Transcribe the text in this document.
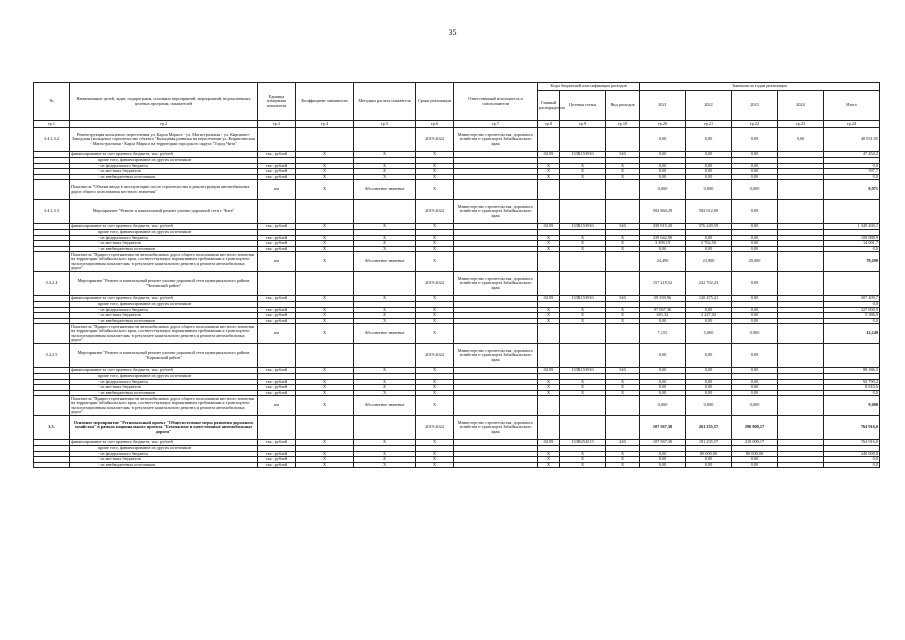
35
№	Наименование целей, задач, подпрограмм, основных мероприятий, мероприятий, ведомственных целевых программ, показателей	Единица измерения показателя	Коэффициент значимости	Методика расчета показателя	Сроки реализации	Ответственный исполнитель и соисполнители	Коды бюджетной классификации расходов			Значения по годам реализации				
							Главный распорядитель	Целевая статья	Вид расходов	2021	2022	2023	2024	Итого
гр.1	гр.2	гр.3	гр.4	гр.5	гр.6	гр.7	гр.8	гр.9	гр.10	гр.20	гр.21	гр.22	гр.23	гр.24
3.4.2.3.2	Реконструкция кольцевого пересечения ул. Карла Маркса - ул. Магистральная - ул. Кирпично-Заводская (кольцевое строительство объекта "Кольцевая развязка на пересечении ул. Кирпичноская - Магистральная - Карла Маркса на территории городского округа "Город Чита"				2019-2024	Министерство строительства, дорожного хозяйства и транспорта Забайкальского края				0,00	0,00	0,00	0,00	48 031,95
	финансирование за счет краевого бюджета, тыс. рублей	тыс. рублей	Х	Х	Х		04 09	133R153930	540	0,00	0,00	0,00		47 454,2
	кроме того, финансирование из других источников													
	- из федерального бюджета	тыс. рублей	Х	Х	Х		Х	Х	Х	0,00	0,00	0,00		0,0
	- из местных бюджетов	тыс. рублей	Х	Х	Х		Х	Х	Х	0,00	0,00	0,00		597,7
	- из внебюджетных источников	тыс. рублей	Х	Х	Х		Х	Х	Х	0,00	0,00	0,00		0,0
	Показатель "Объема ввода в эксплуатацию после строительства и реконструкции автомобильных дорог общего пользования местного значения"	км	Х	Абсолютное значение	Х					0,000	0,000	0,000		0,971
3.4.2.3.3	Мероприятие "Ремонт и капитальный ремонт улично-дорожной сети г. Чита"				2019-2024	Министерство строительства, дорожного хозяйства и транспорта Забайкальского края				582 860,29	582 012,09	0,00		
	финансирование за счет краевого бюджета, тыс. рублей	тыс. рублей	Х	Х	Х		04 09	133R153930	540	339 819,20	576 249,59	0,00		1 349 400,1
	кроме того, финансирование из других источников													
	- из федерального бюджета	тыс. рублей	Х	Х	Х		Х	Х	Х	239 642,90	0,00	0,00		108 888,9
	- из местных бюджетов	тыс. рублей	Х	Х	Х		Х	Х	Х	3 398,19	5 762,50	0,00		14 001,7
	- из внебюджетных источников	тыс. рублей	Х	Х	Х		Х	Х	Х	0,00	0,00	0,00		0,0
	Показатель "Прирост протяженности автомобильных дорог общего пользования местного значения на территории Забайкальского края, соответствующих нормативным требованиям к транспортно-эксплуатационным показателям, в результате капитального ремонта и ремонта автомобильных дорог"	км	Х	Абсолютное значение	Х					24,490	23,900	20,000		78,490
3.4.2.4	Мероприятие "Ремонт и капитальный ремонт улично-дорожной сети муниципального района "Читинский район"				2019-2024	Министерство строительства, дорожного хозяйства и транспорта Забайкальского края				157 219,52	232 702,23	0,00		
	финансирование за счет краевого бюджета, тыс. рублей	тыс. рублей	Х	Х	Х		04 09	133R153930	540	59 359,96	120 475,21	0,00		307 409,7
	кроме того, финансирование из других источников													0,0
	- из федерального бюджета	тыс. рублей	Х	Х	Х		Х	Х	Х	97 067,36	0,00	0,00		327 800,9
	- из местных бюджетов	тыс. рублей	Х	Х	Х		Х	Х	Х	601,32	2 227,02	0,00		5 386,9
	- из внебюджетных источников	тыс. рублей	Х	Х	Х		Х	Х	Х	0,00	0,00	0,00		0,0
	Показатель "Прирост протяженности автомобильных дорог общего пользования местного значения на территории Забайкальского края, соответствующих нормативным требованиям к транспортно-эксплуатационным показателям, в результате капитального ремонта и ремонта автомобильных дорог"	км	Х	Абсолютное значение	Х					7,155	5,000	0,900		12,249
3.4.2.5	Мероприятие "Ремонт и капитальный ремонт улично-дорожной сети муниципального района "Карымский район"				2019-2024	Министерство строительства, дорожного хозяйства и транспорта Забайкальского края				0,00	0,00	0,00		
	финансирование за счет краевого бюджета, тыс. рублей	тыс. рублей	Х	Х	Х		04 09	133R153930	540	0,00	0,00	0,00		88 386,5
	кроме того, финансирование из других источников													
	- из федерального бюджета	тыс. рублей	Х	Х	Х		Х	Х	Х	0,00	0,00	0,00		92 790,2
	- из местных бюджетов	тыс. рублей	Х	Х	Х		Х	Х	Х	0,00	0,00	0,00		8 810,6
	- из внебюджетных источников	тыс. рублей	Х	Х	Х		Х	Х	Х	0,00	0,00	0,00		0,0
	Показатель "Прирост протяженности автомобильных дорог общего пользования местного значения на территории Забайкальского края, соответствующих нормативным требованиям к транспортно-эксплуатационным показателям, в результате капитального ремонта и ремонта автомобильных дорог"	км	Х	Абсолютное значение	Х					0,000	0,000	0,000		9,000
3.5.	Основное мероприятие "Региональный проект "Общесистемные меры развития дорожного хозяйства" в рамках национального проекта "Безопасные и качественные автомобильные дороги"				2019-2024	Министерство строительства, дорожного хозяйства и транспорта Забайкальского края				107 567,30	261 235,57	290 009,17		764 916,0
	финансирование за счет краевого бюджета, тыс. рублей	тыс. рублей	Х	Х	Х		04 09	133R254315	240	107 567,30	181 235,57	210 009,17		764 916,0
	кроме того, финансирование из других источников													
	- из федерального бюджета	тыс. рублей	Х	Х	Х		Х	Х	Х	0,00	80 000,00	80 000,00		240 000,0
	- из местных бюджетов	тыс. рублей	Х	Х	Х		Х	Х	Х	0,00	0,00	0,00		0,0
	- из внебюджетных источников	тыс. рублей	Х	Х	Х		Х	Х	Х	0,00	0,00	0,00		0,0
